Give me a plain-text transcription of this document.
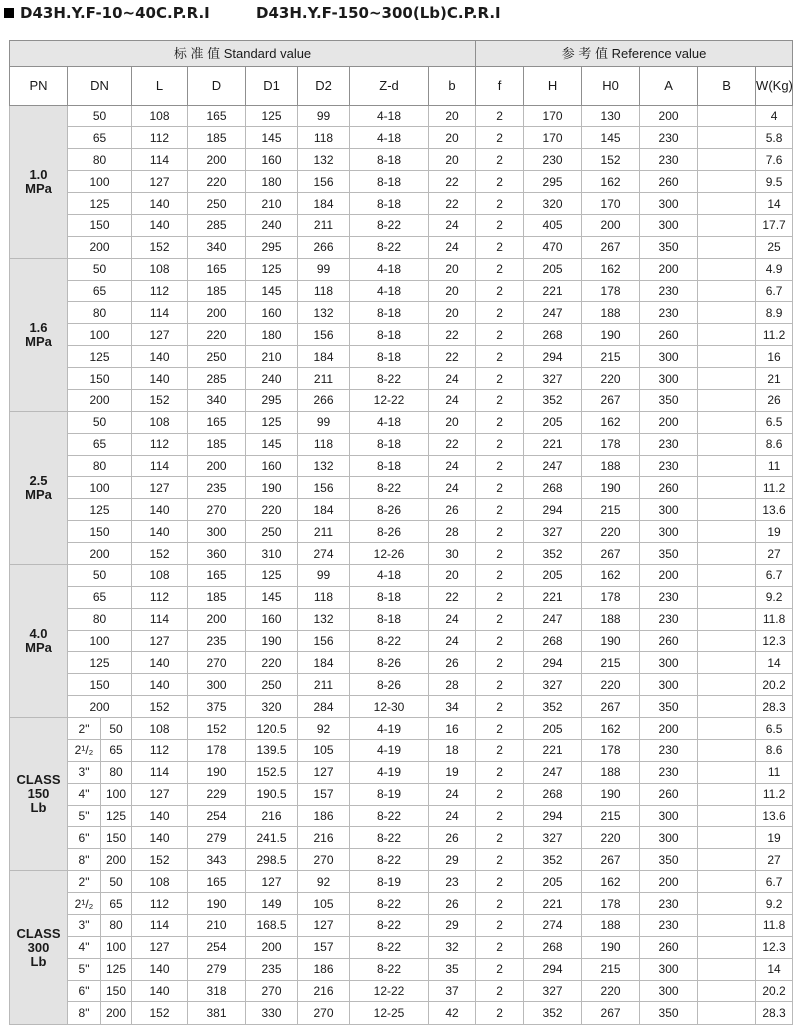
D43H.Y.F-10~40C.P.R.I	D43H.Y.F-150~300(Lb)C.P.R.I
标 准 值 Standard value								参 考 值 Reference value					
PN	DN	L	D	D1	D2	Z-d	b	f	H	H0	A	B	W(Kg)
1.0
MPa	50	108	165	125	99	4-18	20	2	170	130	200		4
	65	112	185	145	118	4-18	20	2	170	145	230		5.8
	80	114	200	160	132	8-18	20	2	230	152	230		7.6
	100	127	220	180	156	8-18	22	2	295	162	260		9.5
	125	140	250	210	184	8-18	22	2	320	170	300		14
	150	140	285	240	211	8-22	24	2	405	200	300		17.7
	200	152	340	295	266	8-22	24	2	470	267	350		25
1.6
MPa	50	108	165	125	99	4-18	20	2	205	162	200		4.9
	65	112	185	145	118	4-18	20	2	221	178	230		6.7
	80	114	200	160	132	8-18	20	2	247	188	230		8.9
	100	127	220	180	156	8-18	22	2	268	190	260		11.2
	125	140	250	210	184	8-18	22	2	294	215	300		16
	150	140	285	240	211	8-22	24	2	327	220	300		21
	200	152	340	295	266	12-22	24	2	352	267	350		26
2.5
MPa	50	108	165	125	99	4-18	20	2	205	162	200		6.5
	65	112	185	145	118	8-18	22	2	221	178	230		8.6
	80	114	200	160	132	8-18	24	2	247	188	230		11
	100	127	235	190	156	8-22	24	2	268	190	260		11.2
	125	140	270	220	184	8-26	26	2	294	215	300		13.6
	150	140	300	250	211	8-26	28	2	327	220	300		19
	200	152	360	310	274	12-26	30	2	352	267	350		27
4.0
MPa	50	108	165	125	99	4-18	20	2	205	162	200		6.7
	65	112	185	145	118	8-18	22	2	221	178	230		9.2
	80	114	200	160	132	8-18	24	2	247	188	230		11.8
	100	127	235	190	156	8-22	24	2	268	190	260		12.3
	125	140	270	220	184	8-26	26	2	294	215	300		14
	150	140	300	250	211	8-26	28	2	327	220	300		20.2
	200	152	375	320	284	12-30	34	2	352	267	350		28.3
CLASS
150
Lb	2" 50	108	152	120.5	92	4-19	16	2	205	162	200		6.5

2¹/₂ 65	112	178	139.5	105	4-19	18	2	221	178	230		8.6

3" 80	114	190	152.5	127	4-19	19	2	247	188	230		11

4" 100	127	229	190.5	157	8-19	24	2	268	190	260		11.2

5" 125	140	254	216	186	8-22	24	2	294	215	300		13.6

6" 150	140	279	241.5	216	8-22	26	2	327	220	300		19

8" 200	152	343	298.5	270	8-22	29	2	352	267	350		27
CLASS
300
Lb	2" 50	108	165	127	92	8-19	23	2	205	162	200		6.7

2¹/₂ 65	112	190	149	105	8-22	26	2	221	178	230		9.2

3" 80	114	210	168.5	127	8-22	29	2	274	188	230		11.8

4" 100	127	254	200	157	8-22	32	2	268	190	260		12.3

5" 125	140	279	235	186	8-22	35	2	294	215	300		14

6" 150	140	318	270	216	12-22	37	2	327	220	300		20.2

8" 200	152	381	330	270	12-25	42	2	352	267	350		28.3
